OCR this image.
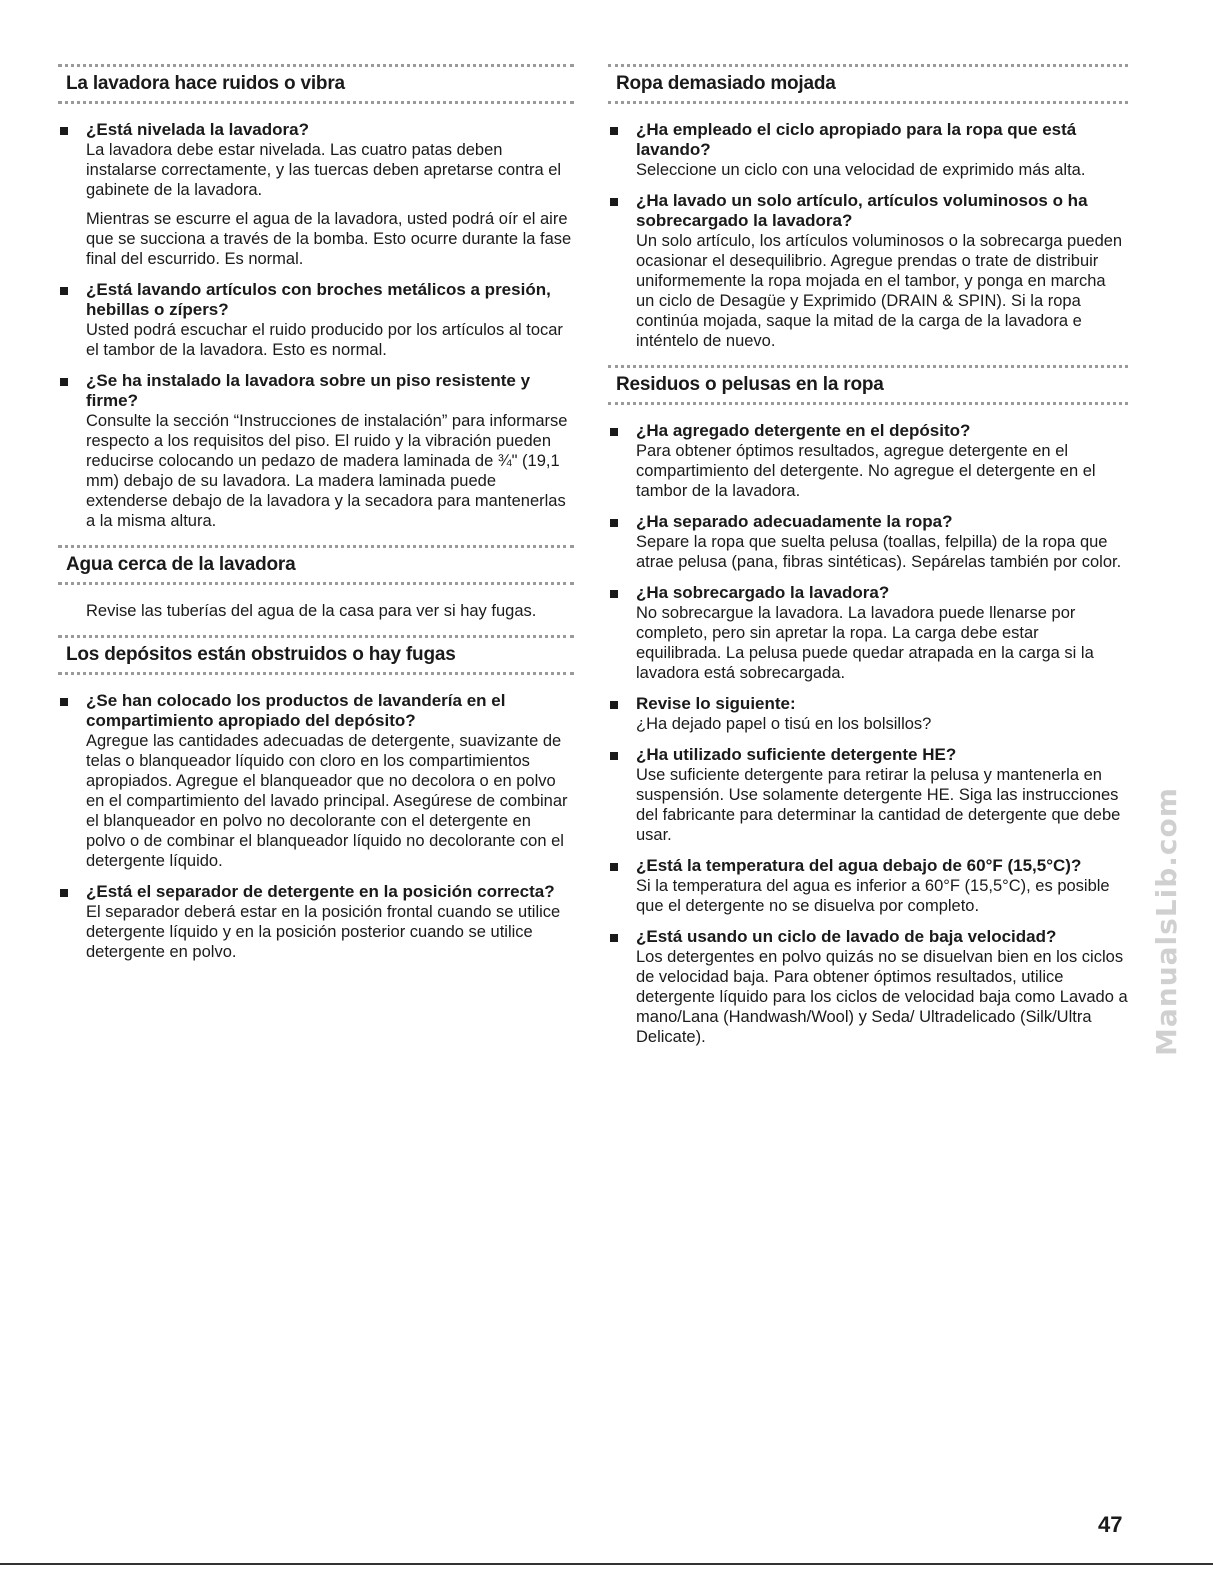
La lavadora hace ruidos o vibra
¿Está nivelada la lavadora?
La lavadora debe estar nivelada. Las cuatro patas deben instalarse correctamente, y las tuercas deben apretarse contra el gabinete de la lavadora.
Mientras se escurre el agua de la lavadora, usted podrá oír el aire que se succiona a través de la bomba. Esto ocurre durante la fase final del escurrido. Es normal.
¿Está lavando artículos con broches metálicos a presión, hebillas o zípers?
Usted podrá escuchar el ruido producido por los artículos al tocar el tambor de la lavadora. Esto es normal.
¿Se ha instalado la lavadora sobre un piso resistente y firme?
Consulte la sección “Instrucciones de instalación” para informarse respecto a los requisitos del piso. El ruido y la vibración pueden reducirse colocando un pedazo de madera laminada de ¾" (19,1 mm) debajo de su lavadora. La madera laminada puede extenderse debajo de la lavadora y la secadora para mantenerlas a la misma altura.
Agua cerca de la lavadora
Revise las tuberías del agua de la casa para ver si hay fugas.
Los depósitos están obstruidos o hay fugas
¿Se han colocado los productos de lavandería en el compartimiento apropiado del depósito?
Agregue las cantidades adecuadas de detergente, suavizante de telas o blanqueador líquido con cloro en los compartimientos apropiados. Agregue el blanqueador que no decolora o en polvo en el compartimiento del lavado principal. Asegúrese de combinar el blanqueador en polvo no decolorante con el detergente en polvo o de combinar el blanqueador líquido no decolorante con el detergente líquido.
¿Está el separador de detergente en la posición correcta?
El separador deberá estar en la posición frontal cuando se utilice detergente líquido y en la posición posterior cuando se utilice detergente en polvo.
Ropa demasiado mojada
¿Ha empleado el ciclo apropiado para la ropa que está lavando?
Seleccione un ciclo con una velocidad de exprimido más alta.
¿Ha lavado un solo artículo, artículos voluminosos o ha sobrecargado la lavadora?
Un solo artículo, los artículos voluminosos o la sobrecarga pueden ocasionar el desequilibrio. Agregue prendas o trate de distribuir uniformemente la ropa mojada en el tambor, y ponga en marcha un ciclo de Desagüe y Exprimido (DRAIN & SPIN). Si la ropa continúa mojada, saque la mitad de la carga de la lavadora e inténtelo de nuevo.
Residuos o pelusas en la ropa
¿Ha agregado detergente en el depósito?
Para obtener óptimos resultados, agregue detergente en el compartimiento del detergente. No agregue el detergente en el tambor de la lavadora.
¿Ha separado adecuadamente la ropa?
Separe la ropa que suelta pelusa (toallas, felpilla) de la ropa que atrae pelusa (pana, fibras sintéticas). Sepárelas también por color.
¿Ha sobrecargado la lavadora?
No sobrecargue la lavadora. La lavadora puede llenarse por completo, pero sin apretar la ropa. La carga debe estar equilibrada. La pelusa puede quedar atrapada en la carga si la lavadora está sobrecargada.
Revise lo siguiente:
¿Ha dejado papel o tisú en los bolsillos?
¿Ha utilizado suficiente detergente HE?
Use suficiente detergente para retirar la pelusa y mantenerla en suspensión. Use solamente detergente HE. Siga las instrucciones del fabricante para determinar la cantidad de detergente que debe usar.
¿Está la temperatura del agua debajo de 60°F (15,5°C)?
Si la temperatura del agua es inferior a 60°F (15,5°C), es posible que el detergente no se disuelva por completo.
¿Está usando un ciclo de lavado de baja velocidad?
Los detergentes en polvo quizás no se disuelvan bien en los ciclos de velocidad baja. Para obtener óptimos resultados, utilice detergente líquido para los ciclos de velocidad baja como Lavado a mano/Lana (Handwash/Wool) y Seda/ Ultradelicado (Silk/Ultra Delicate).	ManualsLib.com
47
